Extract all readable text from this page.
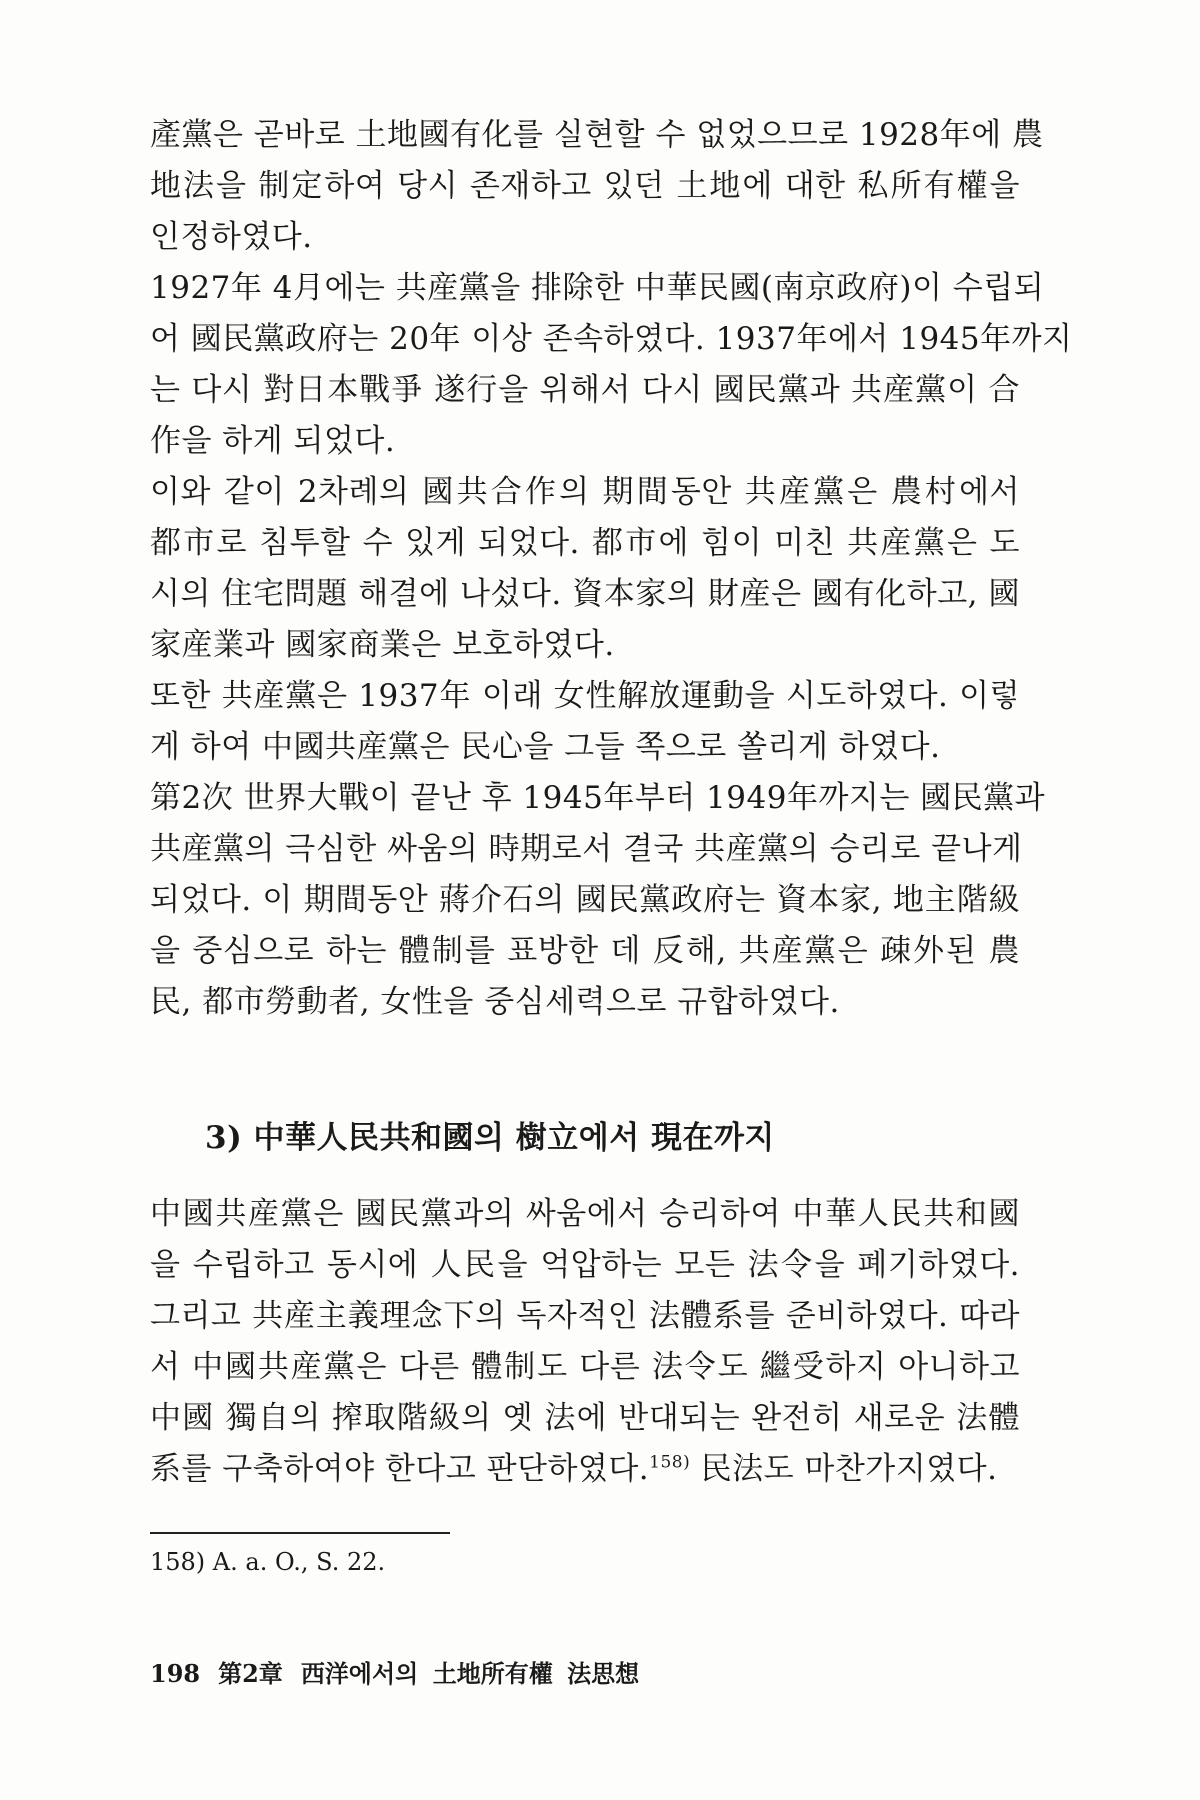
產黨은 곧바로 土地國有化를 실현할 수 없었으므로 1928年에 農
地法을 制定하여 당시 존재하고 있던 土地에 대한 私所有權을
인정하였다.
1927年 4月에는 共産黨을 排除한 中華民國(南京政府)이 수립되
어 國民黨政府는 20年 이상 존속하였다. 1937年에서 1945年까지
는 다시 對日本戰爭 遂行을 위해서 다시 國民黨과 共産黨이 合
作을 하게 되었다.
이와 같이 2차례의 國共合作의 期間동안 共産黨은 農村에서
都市로 침투할 수 있게 되었다. 都市에 힘이 미친 共産黨은 도
시의 住宅問題 해결에 나섰다. 資本家의 財産은 國有化하고, 國
家産業과 國家商業은 보호하였다.
또한 共産黨은 1937年 이래 女性解放運動을 시도하였다. 이렇
게 하여 中國共産黨은 民心을 그들 쪽으로 쏠리게 하였다.
第2次 世界大戰이 끝난 후 1945年부터 1949年까지는 國民黨과
共産黨의 극심한 싸움의 時期로서 결국 共産黨의 승리로 끝나게
되었다. 이 期間동안 蔣介石의 國民黨政府는 資本家, 地主階級
을 중심으로 하는 體制를 표방한 데 反해, 共産黨은 疎外된 農
民, 都市勞動者, 女性을 중심세력으로 규합하였다.
3) 中華人民共和國의 樹立에서 現在까지
中國共産黨은 國民黨과의 싸움에서 승리하여 中華人民共和國
을 수립하고 동시에 人民을 억압하는 모든 法令을 폐기하였다.
그리고 共産主義理念下의 독자적인 法體系를 준비하였다. 따라
서 中國共産黨은 다른 體制도 다른 法令도 繼受하지 아니하고
中國 獨自의 搾取階級의 옛 法에 반대되는 완전히 새로운 法體
系를 구축하여야 한다고 판단하였다.$^{158)}$ 民法도 마찬가지였다.
158) A. a. O., S. 22.
198 第2章 西洋에서의 土地所有權 法思想
